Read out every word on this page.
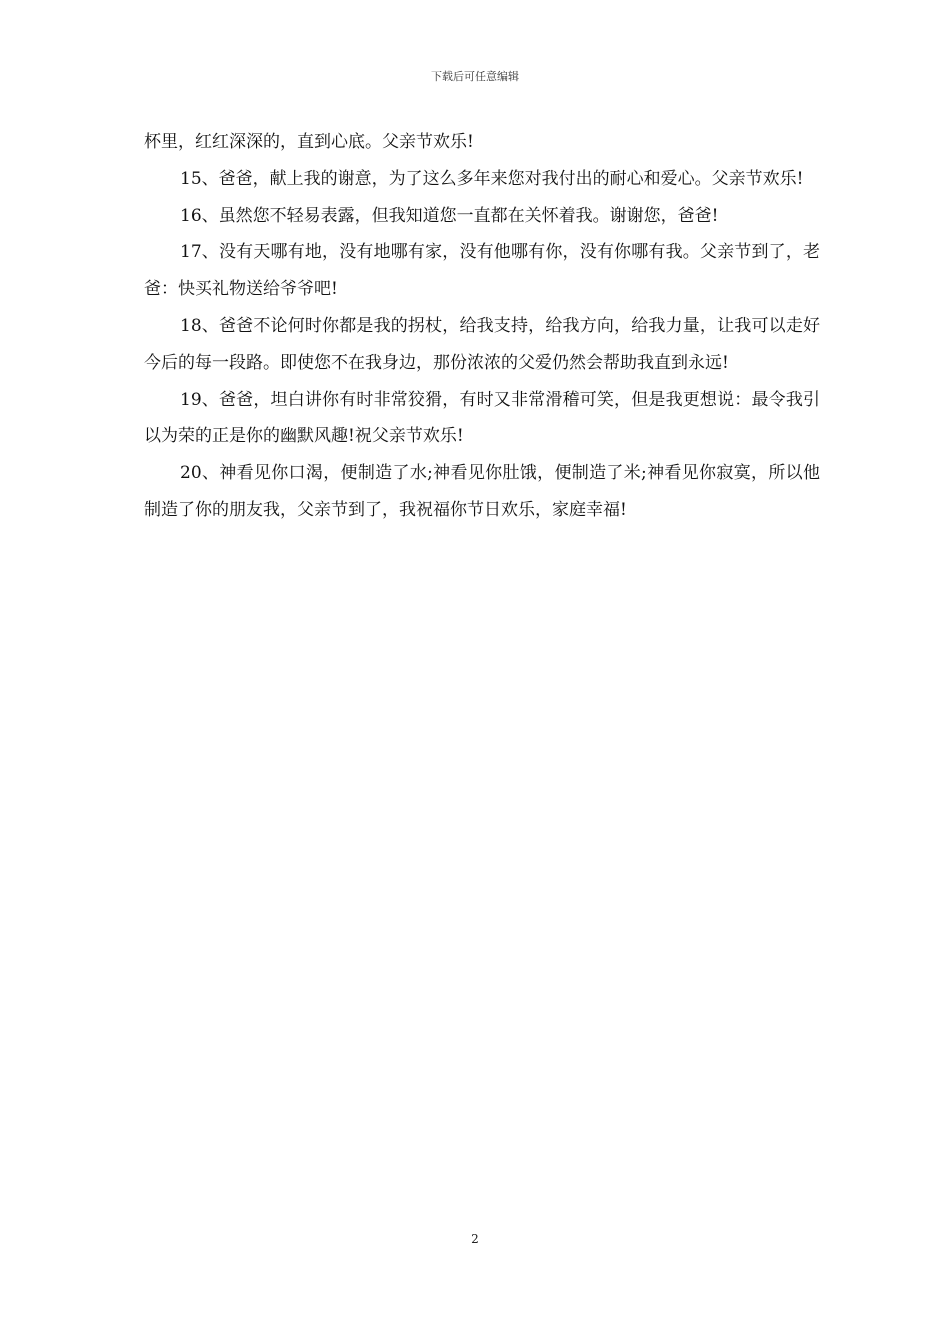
下载后可任意编辑

杯里，红红深深的，直到心底。父亲节欢乐!

15、爸爸，献上我的谢意，为了这么多年来您对我付出的耐心和爱心。父亲节欢乐!

16、虽然您不轻易表露，但我知道您一直都在关怀着我。谢谢您，爸爸!

17、没有天哪有地，没有地哪有家，没有他哪有你，没有你哪有我。父亲节到了，老爸：快买礼物送给爷爷吧!

18、爸爸不论何时你都是我的拐杖，给我支持，给我方向，给我力量，让我可以走好今后的每一段路。即使您不在我身边，那份浓浓的父爱仍然会帮助我直到永远!

19、爸爸，坦白讲你有时非常狡猾，有时又非常滑稽可笑，但是我更想说：最令我引以为荣的正是你的幽默风趣!祝父亲节欢乐!

20、神看见你口渴，便制造了水;神看见你肚饿，便制造了米;神看见你寂寞，所以他制造了你的朋友我，父亲节到了，我祝福你节日欢乐，家庭幸福!

2
